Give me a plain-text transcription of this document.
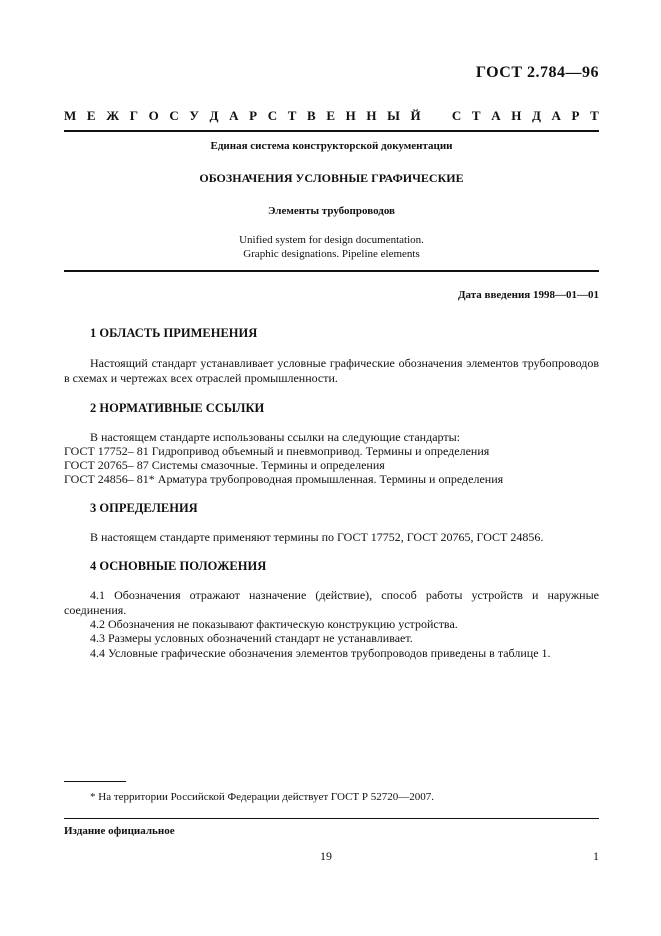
ГОСТ 2.784—96
М Е Ж Г О С У Д А Р С Т В Е Н Н Ы Й С Т А Н Д А Р Т
Единая система конструкторской документации
ОБОЗНАЧЕНИЯ УСЛОВНЫЕ ГРАФИЧЕСКИЕ
Элементы трубопроводов
Unified system for design documentation.
Graphic designations. Pipeline elements
Дата введения 1998—01—01
1 ОБЛАСТЬ ПРИМЕНЕНИЯ
Настоящий стандарт устанавливает условные графические обозначения элементов трубопроводов в схемах и чертежах всех отраслей промышленности.
2 НОРМАТИВНЫЕ ССЫЛКИ
В настоящем стандарте использованы ссылки на следующие стандарты:
ГОСТ 17752– 81 Гидропривод объемный и пневмопривод. Термины и определения
ГОСТ 20765– 87 Системы смазочные. Термины и определения
ГОСТ 24856– 81* Арматура трубопроводная промышленная. Термины и определения
3 ОПРЕДЕЛЕНИЯ
В настоящем стандарте применяют термины по ГОСТ 17752, ГОСТ 20765, ГОСТ 24856.
4 ОСНОВНЫЕ ПОЛОЖЕНИЯ
4.1 Обозначения отражают назначение (действие), способ работы устройств и наружные соединения.
4.2 Обозначения не показывают фактическую конструкцию устройства.
4.3 Размеры условных обозначений стандарт не устанавливает.
4.4 Условные графические обозначения элементов трубопроводов приведены в таблице 1.
* На территории Российской Федерации действует ГОСТ Р 52720—2007.
Издание официальное
19	1
